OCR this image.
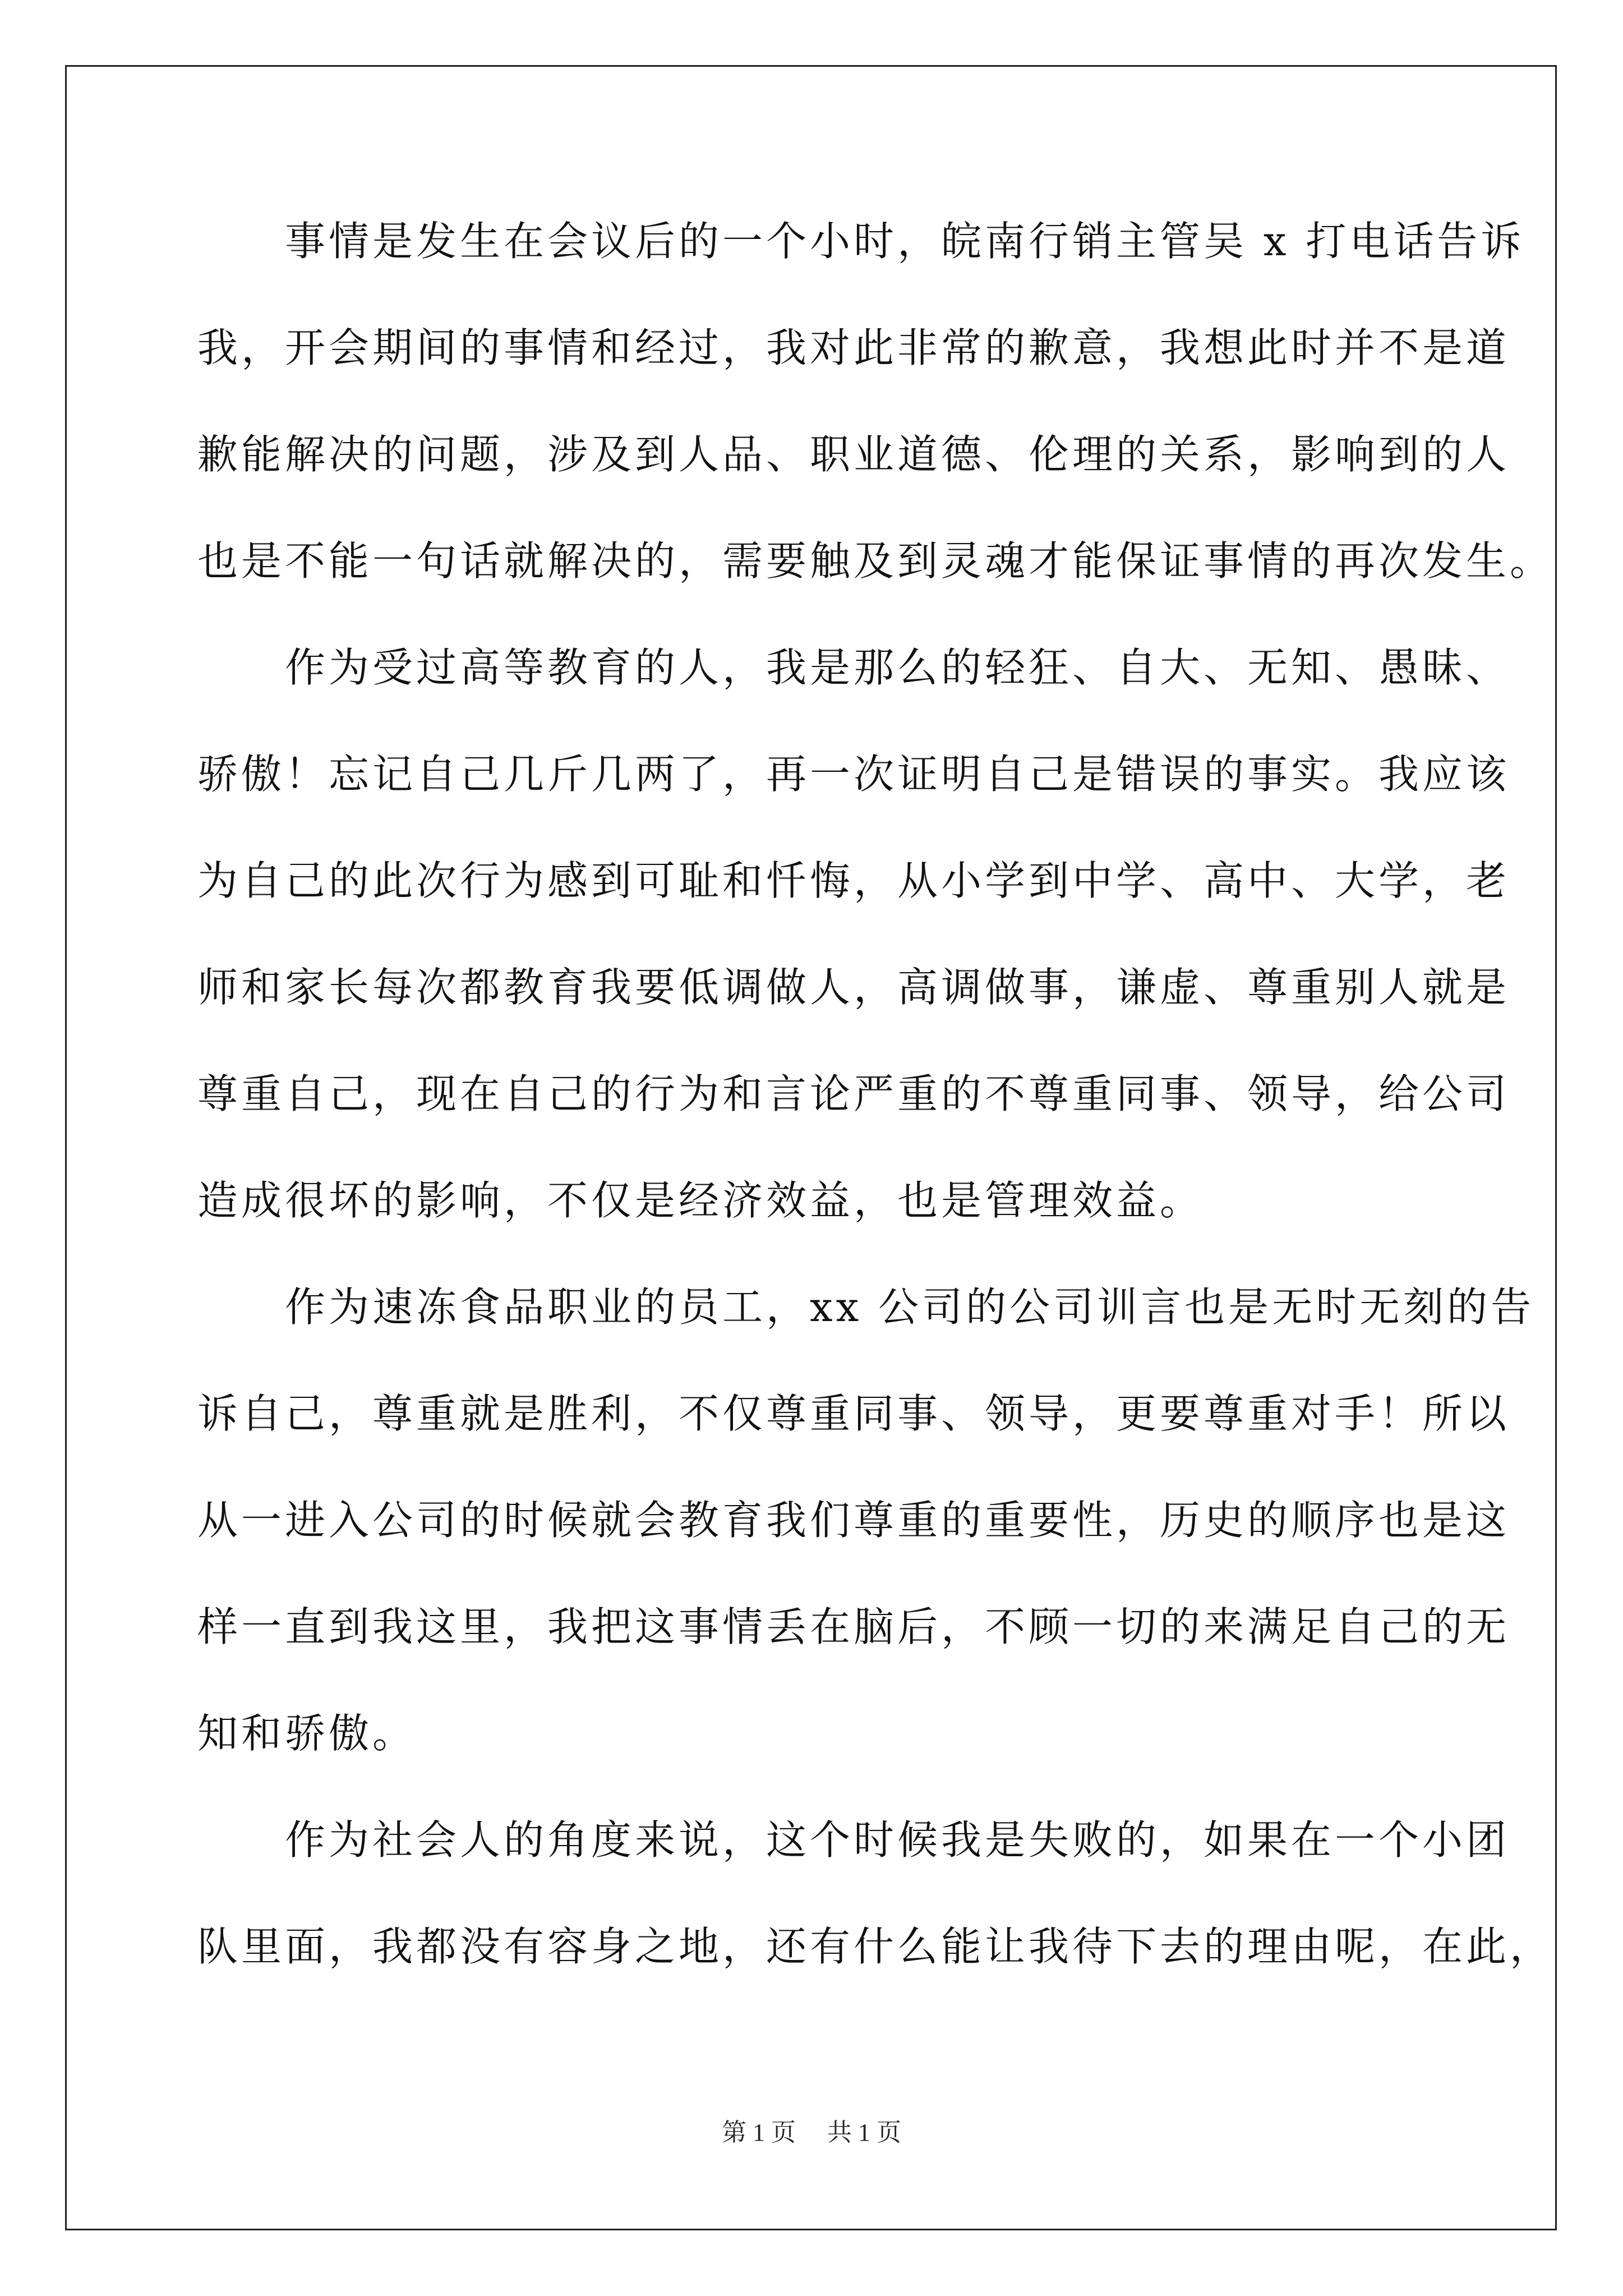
　　事情是发生在会议后的一个小时，皖南行销主管吴 x 打电话告诉
我，开会期间的事情和经过，我对此非常的歉意，我想此时并不是道
歉能解决的问题，涉及到人品、职业道德、伦理的关系，影响到的人
也是不能一句话就解决的，需要触及到灵魂才能保证事情的再次发生。
　　作为受过高等教育的人，我是那么的轻狂、自大、无知、愚昧、
骄傲！忘记自己几斤几两了，再一次证明自己是错误的事实。我应该
为自己的此次行为感到可耻和忏悔，从小学到中学、高中、大学，老
师和家长每次都教育我要低调做人，高调做事，谦虚、尊重别人就是
尊重自己，现在自己的行为和言论严重的不尊重同事、领导，给公司
造成很坏的影响，不仅是经济效益，也是管理效益。
　　作为速冻食品职业的员工，xx 公司的公司训言也是无时无刻的告
诉自己，尊重就是胜利，不仅尊重同事、领导，更要尊重对手！所以
从一进入公司的时候就会教育我们尊重的重要性，历史的顺序也是这
样一直到我这里，我把这事情丢在脑后，不顾一切的来满足自己的无
知和骄傲。
　　作为社会人的角度来说，这个时候我是失败的，如果在一个小团
队里面，我都没有容身之地，还有什么能让我待下去的理由呢，在此，
第 1 页 共 1 页
